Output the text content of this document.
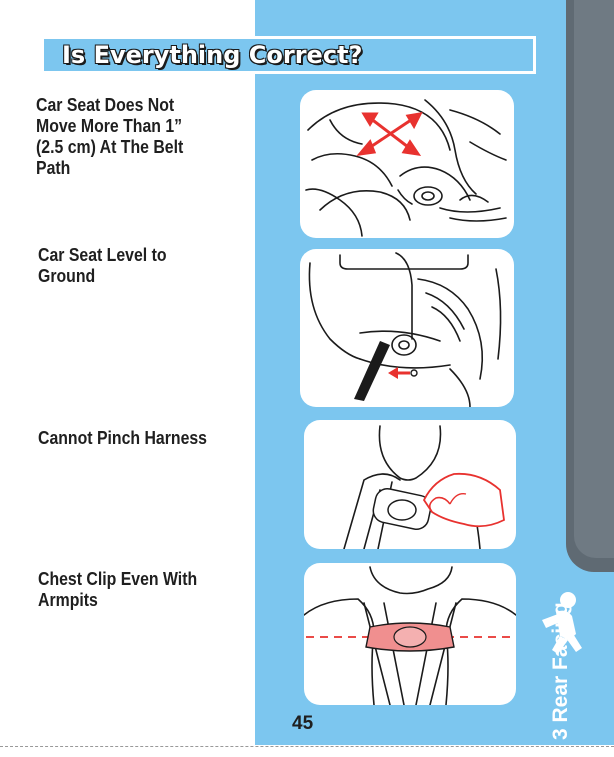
Is Everything Correct?
Car Seat Does Not Move More Than 1” (2.5 cm) At The Belt Path
Car Seat Level to Ground
Cannot Pinch Harness
Chest Clip Even With Armpits
3 Rear Facing
45
